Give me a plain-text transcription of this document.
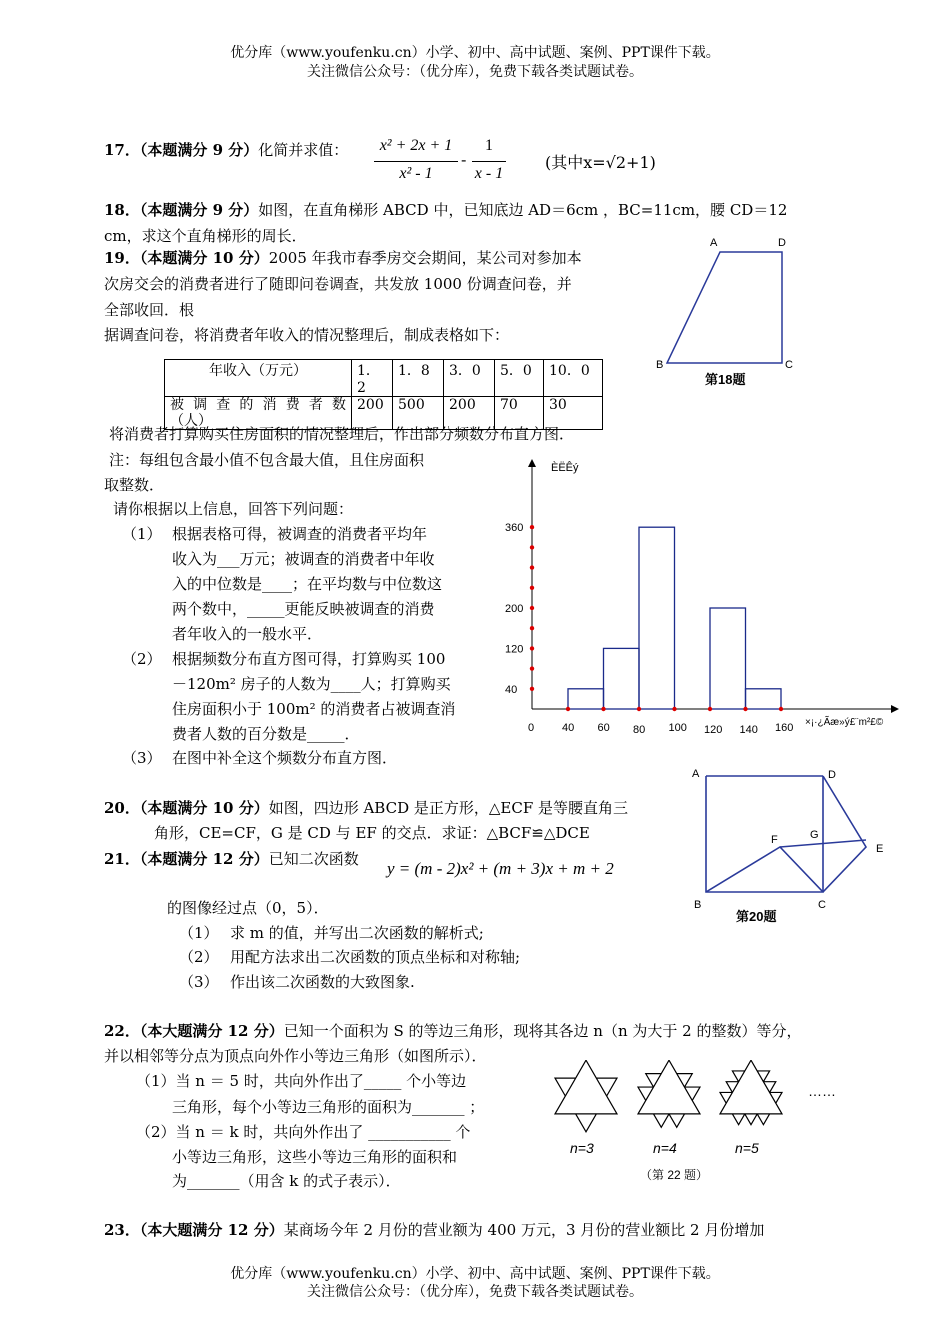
优分库（www.youfenku.cn）小学、初中、高中试题、案例、PPT课件下载。
关注微信公众号：（优分库），免费下载各类试题试卷。
17．（本题满分 9 分）化简并求值：	x² + 2x + 1
x² - 1
-
1
x - 1
(其中x=√2+1)
18．（本题满分 9 分）如图，在直角梯形 ABCD 中，已知底边 AD＝6cm ，BC=11cm，腰 CD＝12
cm，求这个直角梯形的周长．	A	D
B	C
第18题
19．（本题满分 10 分）2005 年我市春季房交会期间，某公司对参加本
次房交会的消费者进行了随即问卷调查，共发放 1000 份调查问卷，并
全部收回．根
据调查问卷，将消费者年收入的情况整理后，制成表格如下：
年收入（万元）	1．2	1．8	3．0	5．0	10．0
被 调 查 的 消 费 者 数 （人）	200	500	200	70	30
将消费者打算购买住房面积的情况整理后，作出部分频数分布直方图．
注：每组包含最小值不包含最大值，且住房面积
取整数．
请你根据以上信息，回答下列问题：
（1） 根据表格可得，被调查的消费者平均年
收入为___万元；被调查的消费者中年收
入的中位数是____；在平均数与中位数这
两个数中，_____更能反映被调查的消费
者年收入的一般水平．
（2） 根据频数分布直方图可得，打算购买 100
－120m² 房子的人数为____人；打算购买
住房面积小于 100m² 的消费者占被调查消
费者人数的百分数是_____．
（3） 在图中补全这个频数分布直方图．
ÈËÊý
×¡·¿Ãæ»ý£¨m²£©
0	40 60 80 100 120 140 160
40
120
200
360
20．（本题满分 10 分）如图，四边形 ABCD 是正方形，△ECF 是等腰直角三
角形，CE=CF，G 是 CD 与 EF 的交点．求证：△BCF≌△DCE
A	D
F	G
E
B	C
第20题
21．（本题满分 12 分）已知二次函数 y = (m - 2)x² + (m + 3)x + m + 2
的图像经过点（0，5）．
（1） 求 m 的值，并写出二次函数的解析式;
（2） 用配方法求出二次函数的顶点坐标和对称轴;
（3） 作出该二次函数的大致图象.
22．（本大题满分 12 分）已知一个面积为 S 的等边三角形，现将其各边 n（n 为大于 2 的整数）等分，
并以相邻等分点为顶点向外作小等边三角形（如图所示）．
（1）当 n ＝ 5 时，共向外作出了_____ 个小等边
三角形，每个小等边三角形的面积为_______ ；
（2）当 n ＝ k 时，共向外作出了 ___________ 个
小等边三角形，这些小等边三角形的面积和
为_______（用含 k 的式子表示）．
……
n=3	n=4	n=5
（第 22 题）
23．（本大题满分 12 分）某商场今年 2 月份的营业额为 400 万元，3 月份的营业额比 2 月份增加
优分库（www.youfenku.cn）小学、初中、高中试题、案例、PPT课件下载。
关注微信公众号：（优分库），免费下载各类试题试卷。
